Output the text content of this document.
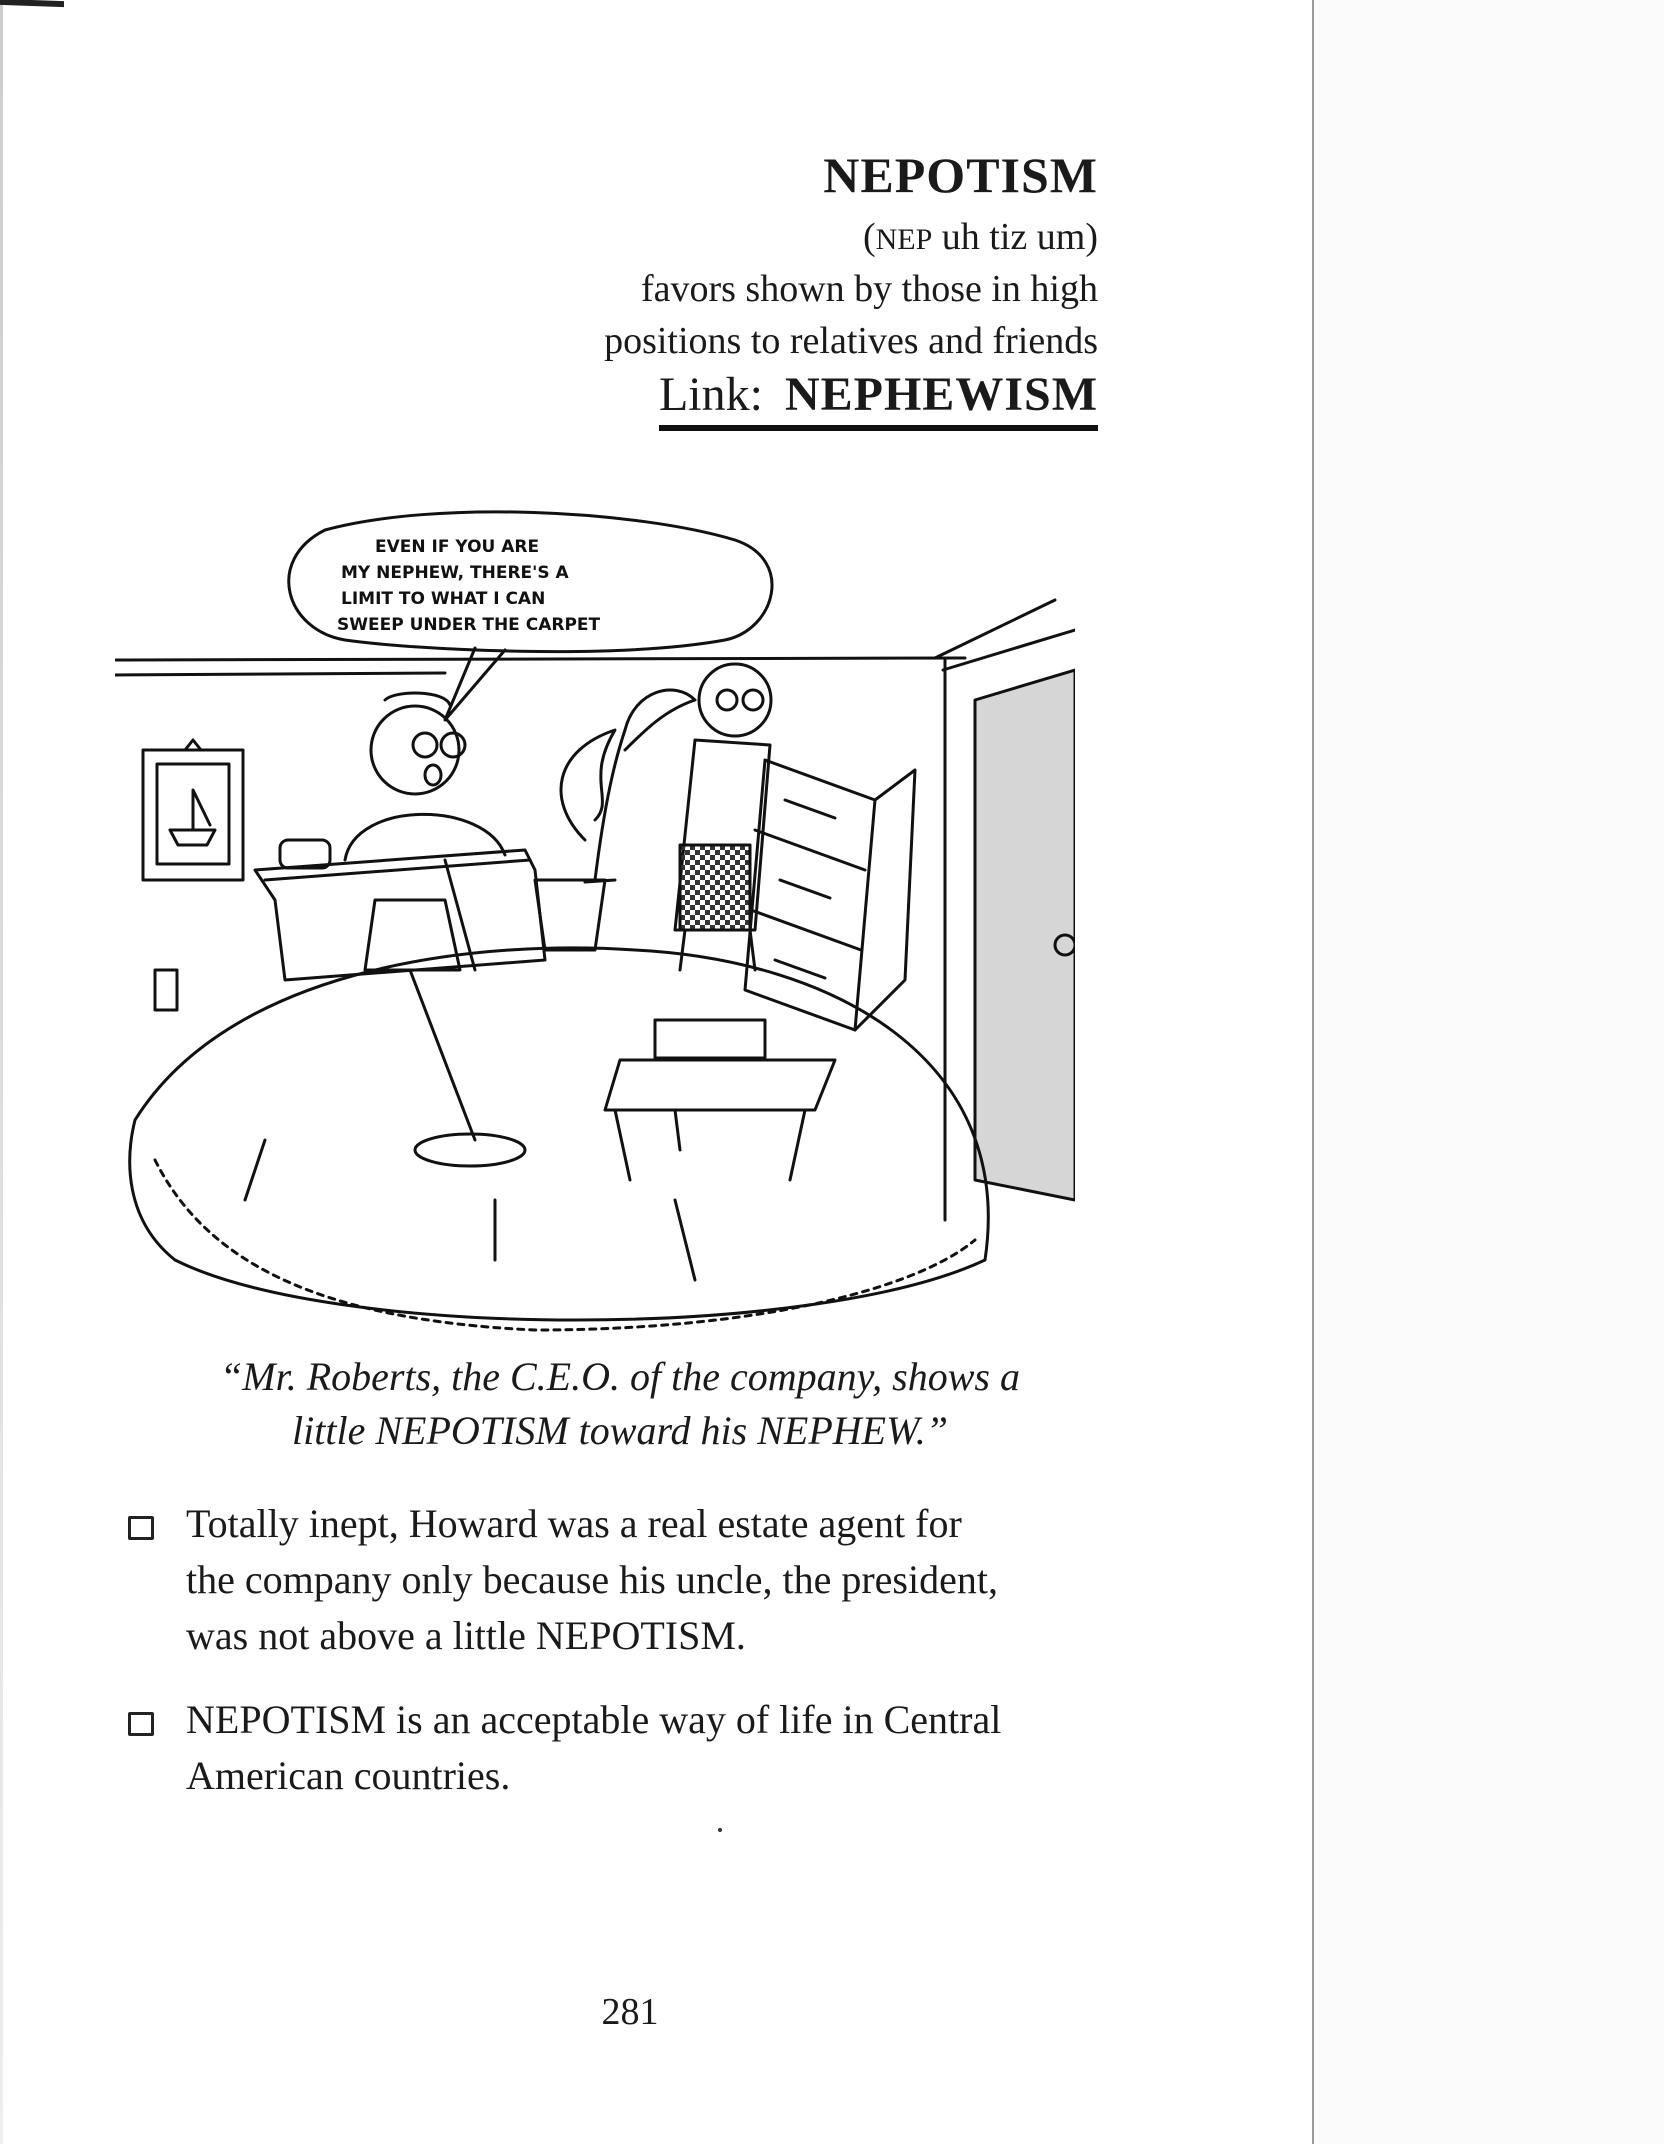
NEPOTISM
(NEP uh tiz um)
favors shown by those in high
positions to relatives and friends
Link: NEPHEWISM
EVEN IF YOU ARE
MY NEPHEW, THERE'S A
LIMIT TO WHAT I CAN
SWEEP UNDER THE CARPET
“Mr. Roberts, the C.E.O. of the company, shows a
little NEPOTISM toward his NEPHEW.”
Totally inept, Howard was a real estate agent for
the company only because his uncle, the president,
was not above a little NEPOTISM.
NEPOTISM is an acceptable way of life in Central
American countries.
281
